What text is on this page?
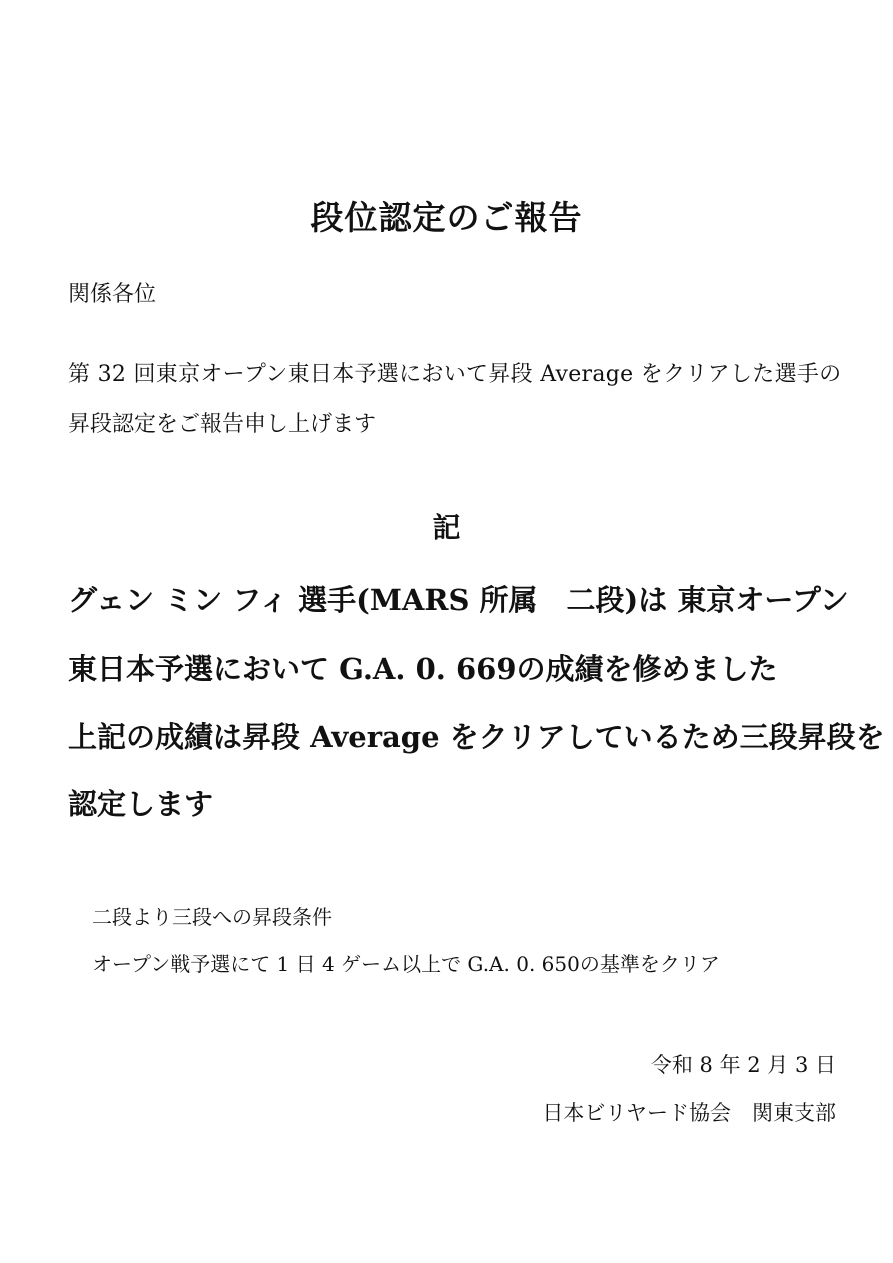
段位認定のご報告

関係各位

第 32 回東京オープン東日本予選において昇段 Average をクリアした選手の

昇段認定をご報告申し上げます

記

グェン ミン フィ 選手(MARS 所属　二段)は 東京オープン

東日本予選において G.A. 0. 669の成績を修めました

上記の成績は昇段 Average をクリアしているため三段昇段を

認定します

二段より三段への昇段条件

オープン戦予選にて 1 日 4 ゲーム以上で G.A. 0. 650の基準をクリア

令和 8 年 2 月 3 日

日本ビリヤード協会　関東支部
